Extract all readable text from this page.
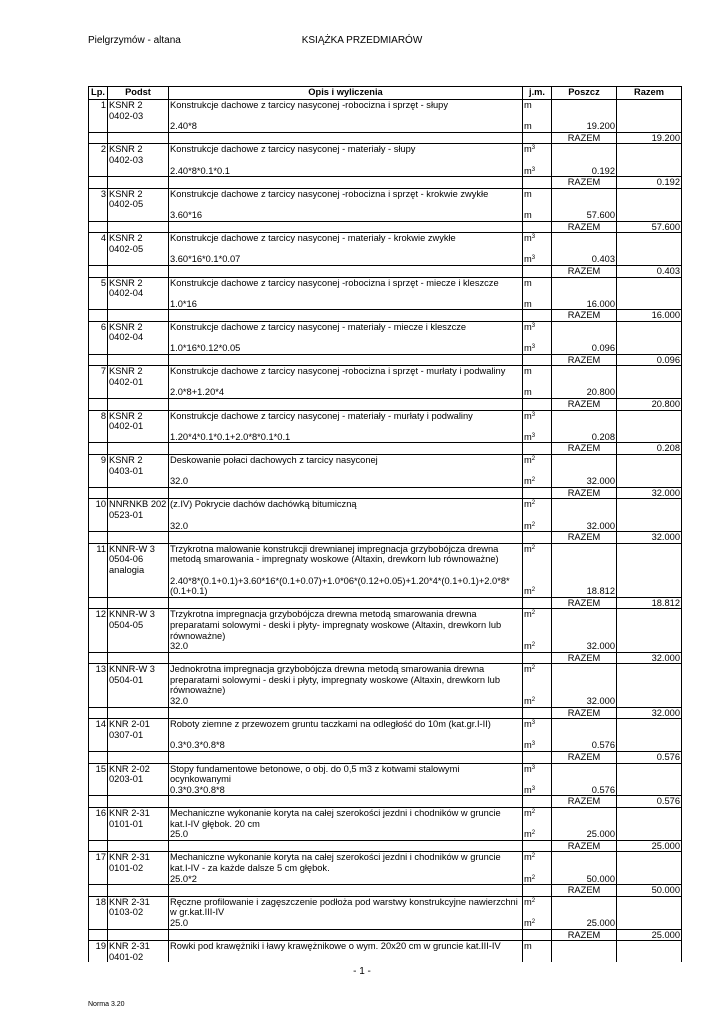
Pielgrzymów - altana	KSIĄŻKA PRZEDMIARÓW
Lp.	Podst	Opis i wyliczenia	j.m.	Poszcz	Razem
1	KSNR 2 0402-03	Konstrukcje dachowe z tarcicy nasyconej -robocizna i sprzęt - słupy	m		
		2.40*8	m	19.200	
				RAZEM	19.200
2	KSNR 2 0402-03	Konstrukcje dachowe z tarcicy nasyconej - materiały - słupy	$m^3$		
		2.40*8*0.1*0.1	$m^3$	0.192	
				RAZEM	0.192
3	KSNR 2 0402-05	Konstrukcje dachowe z tarcicy nasyconej -robocizna i sprzęt - krokwie zwykłe	m		
		3.60*16	m	57.600	
				RAZEM	57.600
4	KSNR 2 0402-05	Konstrukcje dachowe z tarcicy nasyconej - materiały - krokwie zwykłe	$m^3$		
		3.60*16*0.1*0.07	$m^3$	0.403	
				RAZEM	0.403
5	KSNR 2 0402-04	Konstrukcje dachowe z tarcicy nasyconej -robocizna i sprzęt - miecze i kleszcze	m		
		1.0*16	m	16.000	
				RAZEM	16.000
6	KSNR 2 0402-04	Konstrukcje dachowe z tarcicy nasyconej - materiały - miecze i kleszcze	$m^3$		
		1.0*16*0.12*0.05	$m^3$	0.096	
				RAZEM	0.096
7	KSNR 2 0402-01	Konstrukcje dachowe z tarcicy nasyconej -robocizna i sprzęt - murłaty i podwaliny	m		
		2.0*8+1.20*4	m	20.800	
				RAZEM	20.800
8	KSNR 2 0402-01	Konstrukcje dachowe z tarcicy nasyconej - materiały - murłaty i podwaliny	$m^3$		
		1.20*4*0.1*0.1+2.0*8*0.1*0.1	$m^3$	0.208	
				RAZEM	0.208
9	KSNR 2 0403-01	Deskowanie połaci dachowych z tarcicy nasyconej	$m^2$		
		32.0	$m^2$	32.000	
				RAZEM	32.000
10	NNRNKB 202 0523-01	(z.IV) Pokrycie dachów dachówką bitumiczną	$m^2$		
		32.0	$m^2$	32.000	
				RAZEM	32.000
11	KNNR-W 3 0504-06 analogia	Trzykrotna malowanie konstrukcji drewnianej impregnacja grzybobójcza drewna metodą smarowania - impregnaty woskowe (Altaxin, drewkorn lub równoważne)	$m^2$		
		2.40*8*(0.1+0.1)+3.60*16*(0.1+0.07)+1.0*06*(0.12+0.05)+1.20*4*(0.1+0.1)+2.0*8*(0.1+0.1)	$m^2$	18.812	
				RAZEM	18.812
12	KNNR-W 3 0504-05	Trzykrotna impregnacja grzybobójcza drewna metodą smarowania drewna preparatami solowymi - deski i płyty- impregnaty woskowe (Altaxin, drewkorn lub równoważne)	$m^2$		
		32.0	$m^2$	32.000	
				RAZEM	32.000
13	KNNR-W 3 0504-01	Jednokrotna impregnacja grzybobójcza drewna metodą smarowania drewna preparatami solowymi - deski i płyty, impregnaty woskowe (Altaxin, drewkorn lub równoważne)	$m^2$		
		32.0	$m^2$	32.000	
				RAZEM	32.000
14	KNR 2-01 0307-01	Roboty ziemne z przewozem gruntu taczkami na odległość do 10m (kat.gr.I-II)	$m^3$		
		0.3*0.3*0.8*8	$m^3$	0.576	
				RAZEM	0.576
15	KNR 2-02 0203-01	Stopy fundamentowe betonowe, o obj. do 0,5 m3 z kotwami stalowymi ocynkowanymi	$m^3$		
		0.3*0.3*0.8*8	$m^3$	0.576	
				RAZEM	0.576
16	KNR 2-31 0101-01	Mechaniczne wykonanie koryta na całej szerokości jezdni i chodników w gruncie kat.I-IV głębok. 20 cm	$m^2$		
		25.0	$m^2$	25.000	
				RAZEM	25.000
17	KNR 2-31 0101-02	Mechaniczne wykonanie koryta na całej szerokości jezdni i chodników w gruncie kat.I-IV - za każde dalsze 5 cm głębok.	$m^2$		
		25.0*2	$m^2$	50.000	
				RAZEM	50.000
18	KNR 2-31 0103-02	Ręczne profilowanie i zagęszczenie podłoża pod warstwy konstrukcyjne nawierzchni w gr.kat.III-IV	$m^2$		
		25.0	$m^2$	25.000	
				RAZEM	25.000
19	KNR 2-31 0401-02	Rowki pod krawężniki i ławy krawężnikowe o wym. 20x20 cm w gruncie kat.III-IV	m		
- 1 -
Norma 3.20
